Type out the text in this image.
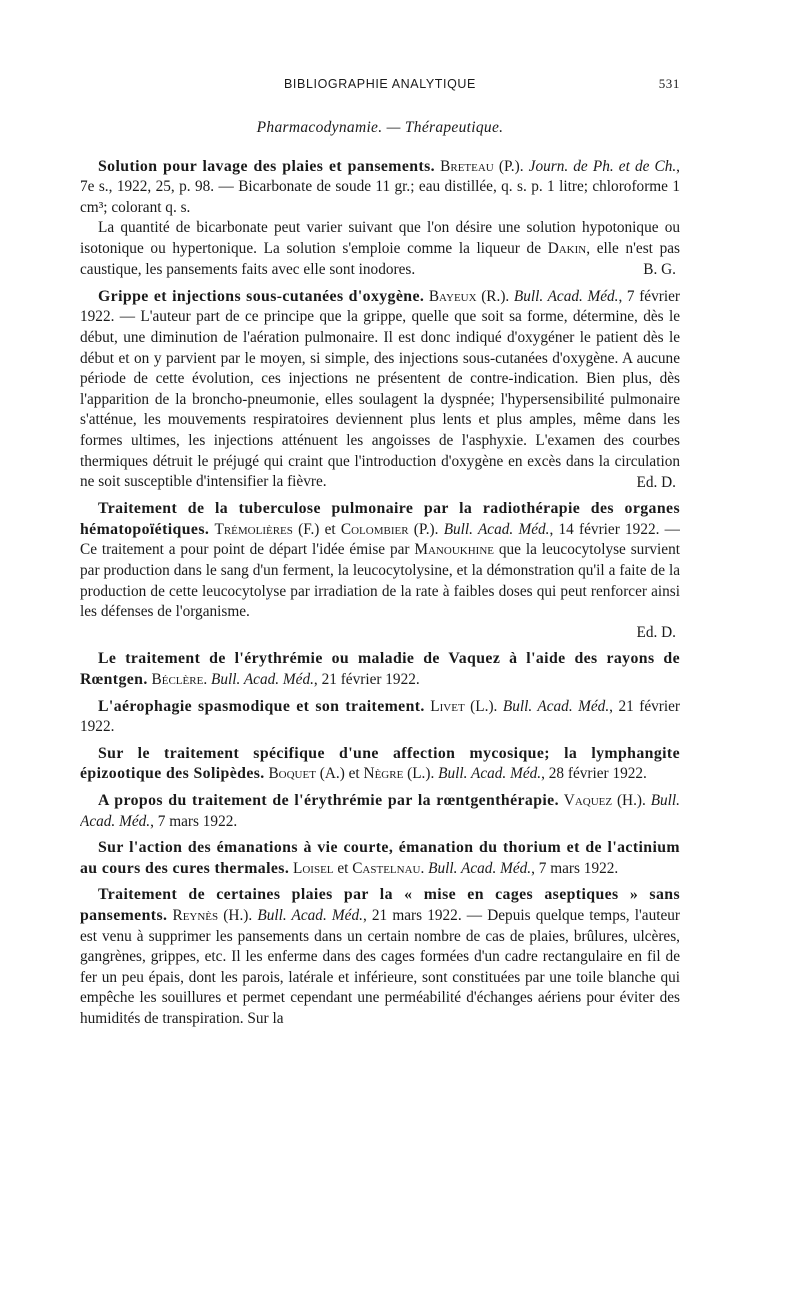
BIBLIOGRAPHIE ANALYTIQUE	531
Pharmacodynamie. — Thérapeutique.

Solution pour lavage des plaies et pansements. Breteau (P.). Journ. de Ph. et de Ch., 7e s., 1922, 25, p. 98. — Bicarbonate de soude 11 gr.; eau distillée, q. s. p. 1 litre; chloroforme 1 cm³; colorant q. s.

La quantité de bicarbonate peut varier suivant que l'on désire une solution hypotonique ou isotonique ou hypertonique. La solution s'emploie comme la liqueur de Dakin, elle n'est pas caustique, les pansements faits avec elle sont inodores.	B. G.

Grippe et injections sous-cutanées d'oxygène. Bayeux (R.). Bull. Acad. Méd., 7 février 1922. — L'auteur part de ce principe que la grippe, quelle que soit sa forme, détermine, dès le début, une diminution de l'aération pulmonaire. Il est donc indiqué d'oxygéner le patient dès le début et on y parvient par le moyen, si simple, des injections sous-cutanées d'oxygène. A aucune période de cette évolution, ces injections ne présentent de contre-indication. Bien plus, dès l'apparition de la broncho-pneumonie, elles soulagent la dyspnée; l'hypersensibilité pulmonaire s'atténue, les mouvements respiratoires deviennent plus lents et plus amples, même dans les formes ultimes, les injections atténuent les angoisses de l'asphyxie. L'examen des courbes thermiques détruit le préjugé qui craint que l'introduction d'oxygène en excès dans la circulation ne soit susceptible d'intensifier la fièvre.	Ed. D.

Traitement de la tuberculose pulmonaire par la radiothérapie des organes hématopoïétiques. Trémolières (F.) et Colombier (P.). Bull. Acad. Méd., 14 février 1922. — Ce traitement a pour point de départ l'idée émise par Manoukhine que la leucocytolyse survient par production dans le sang d'un ferment, la leucocytolysine, et la démonstration qu'il a faite de la production de cette leucocytolyse par irradiation de la rate à faibles doses qui peut renforcer ainsi les défenses de l'organisme.

Ed. D.

Le traitement de l'érythrémie ou maladie de Vaquez à l'aide des rayons de Rœntgen. Béclère. Bull. Acad. Méd., 21 février 1922.

L'aérophagie spasmodique et son traitement. Livet (L.). Bull. Acad. Méd., 21 février 1922.

Sur le traitement spécifique d'une affection mycosique; la lymphangite épizootique des Solipèdes. Boquet (A.) et Nègre (L.). Bull. Acad. Méd., 28 février 1922.

A propos du traitement de l'érythrémie par la rœntgenthérapie. Vaquez (H.). Bull. Acad. Méd., 7 mars 1922.

Sur l'action des émanations à vie courte, émanation du thorium et de l'actinium au cours des cures thermales. Loisel et Castelnau. Bull. Acad. Méd., 7 mars 1922.

Traitement de certaines plaies par la « mise en cages aseptiques » sans pansements. Reynès (H.). Bull. Acad. Méd., 21 mars 1922. — Depuis quelque temps, l'auteur est venu à supprimer les pansements dans un certain nombre de cas de plaies, brûlures, ulcères, gangrènes, grippes, etc. Il les enferme dans des cages formées d'un cadre rectangulaire en fil de fer un peu épais, dont les parois, latérale et inférieure, sont constituées par une toile blanche qui empêche les souillures et permet cependant une perméabilité d'échanges aériens pour éviter des humidités de transpiration. Sur la
